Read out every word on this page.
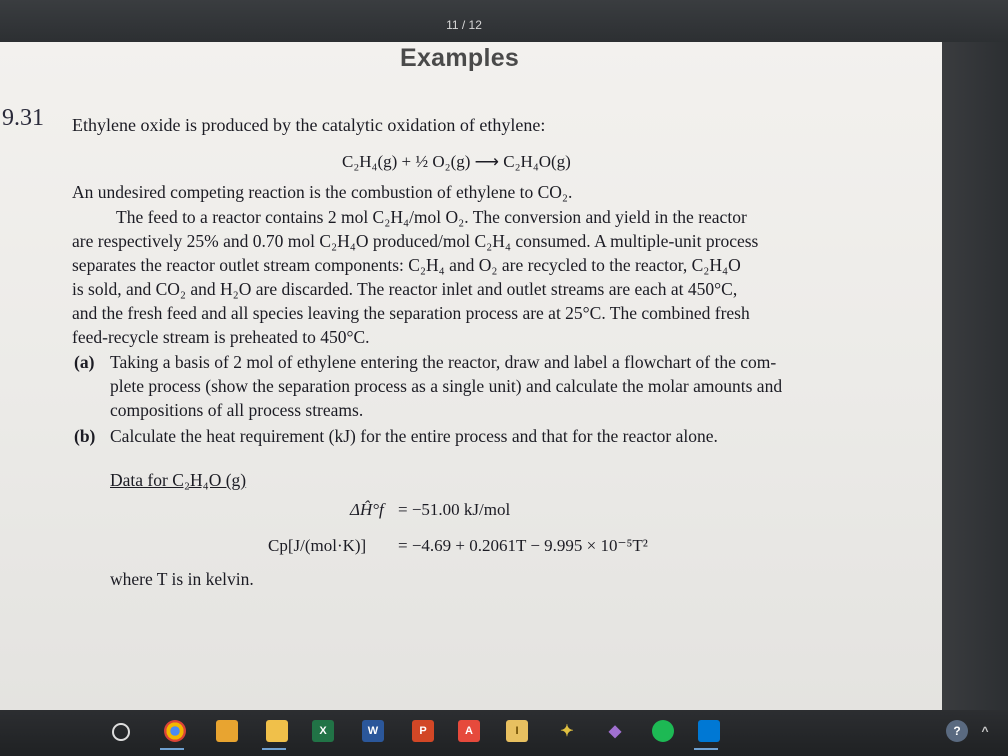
11 / 12
Examples
9.31 Ethylene oxide is produced by the catalytic oxidation of ethylene:
C₂H₄(g) + ½ O₂(g) ⟶ C₂H₄O(g)
An undesired competing reaction is the combustion of ethylene to CO₂.
The feed to a reactor contains 2 mol C₂H₄/mol O₂. The conversion and yield in the reactor
are respectively 25% and 0.70 mol C₂H₄O produced/mol C₂H₄ consumed. A multiple-unit process
separates the reactor outlet stream components: C₂H₄ and O₂ are recycled to the reactor, C₂H₄O
is sold, and CO₂ and H₂O are discarded. The reactor inlet and outlet streams are each at 450°C,
and the fresh feed and all species leaving the separation process are at 25°C. The combined fresh
feed-recycle stream is preheated to 450°C.
(a) Taking a basis of 2 mol of ethylene entering the reactor, draw and label a flowchart of the com-
plete process (show the separation process as a single unit) and calculate the molar amounts and
compositions of all process streams.
(b) Calculate the heat requirement (kJ) for the entire process and that for the reactor alone.
Data for C₂H₄O (g)
ΔĤ°f = −51.00 kJ/mol
Cp[J/(mol·K)] = −4.69 + 0.2061T − 9.995 × 10⁻⁵T²
where T is in kelvin.
X	W	P	A	I	✦	◆	?	^
